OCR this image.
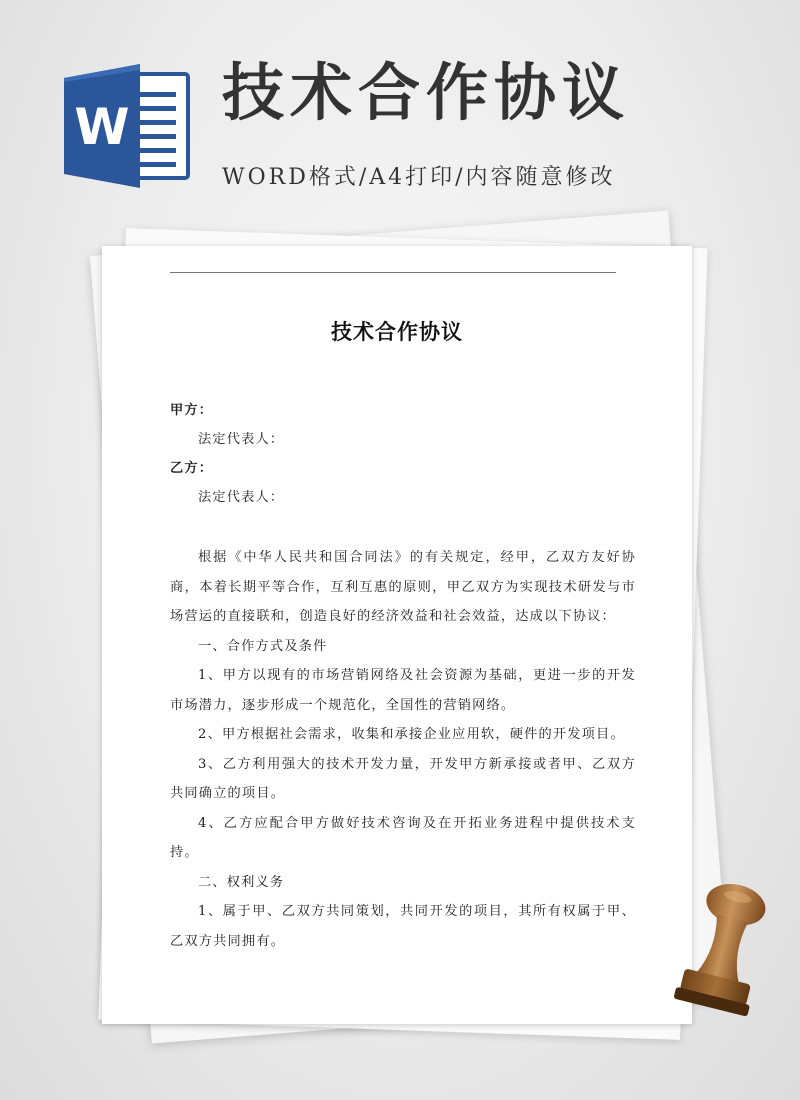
W 技术合作协议
WORD格式/A4打印/内容随意修改
技术合作协议
甲方：
法定代表人：
乙方：
法定代表人：

根据《中华人民共和国合同法》的有关规定，经甲，乙双方友好协商，本着长期平等合作，互利互惠的原则，甲乙双方为实现技术研发与市场营运的直接联和，创造良好的经济效益和社会效益，达成以下协议：

一、合作方式及条件

1、甲方以现有的市场营销网络及社会资源为基础，更进一步的开发市场潜力，逐步形成一个规范化，全国性的营销网络。

2、甲方根据社会需求，收集和承接企业应用软，硬件的开发项目。

3、乙方利用强大的技术开发力量，开发甲方新承接或者甲、乙双方共同确立的项目。

4、乙方应配合甲方做好技术咨询及在开拓业务进程中提供技术支持。

二、权利义务

1、属于甲、乙双方共同策划，共同开发的项目，其所有权属于甲、乙双方共同拥有。
